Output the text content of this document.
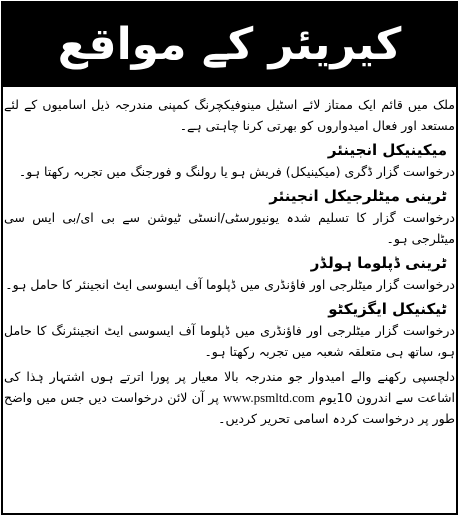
کیریئر کے مواقع

ملک میں قائم ایک ممتاز لائے اسٹیل مینوفیکچرنگ کمپنی مندرجہ ذیل اسامیوں کے لئے مستعد اور فعال امیدواروں کو بھرتی کرنا چاہتی ہے۔

میکینیکل انجینئر

درخواست گزار ڈگری (میکینیکل) فریش ہو یا رولنگ و فورجنگ میں تجربہ رکھتا ہو۔

ٹرینی میٹلرجیکل انجینئر

درخواست گزار کا تسلیم شدہ یونیورسٹی/انسٹی ٹیوشن سے بی ای/بی ایس سی میٹلرجی ہو۔

ٹرینی ڈپلوما ہولڈر

درخواست گزار میٹلرجی اور فاؤنڈری میں ڈپلوما آف ایسوسی ایٹ انجینئر کا حامل ہو۔

ٹیکنیکل ایگزیکٹو

درخواست گزار میٹلرجی اور فاؤنڈری میں ڈپلوما آف ایسوسی ایٹ انجینئرنگ کا حامل ہو، ساتھ ہی متعلقہ شعبہ میں تجربہ رکھتا ہو۔

دلچسپی رکھنے والے امیدوار جو مندرجہ بالا معیار پر پورا اترتے ہوں اشتہار ہٰذا کی اشاعت سے اندرون 10یوم www.psmltd.com پر آن لائن درخواست دیں جس میں واضح طور پر درخواست کردہ اسامی تحریر کردیں۔
